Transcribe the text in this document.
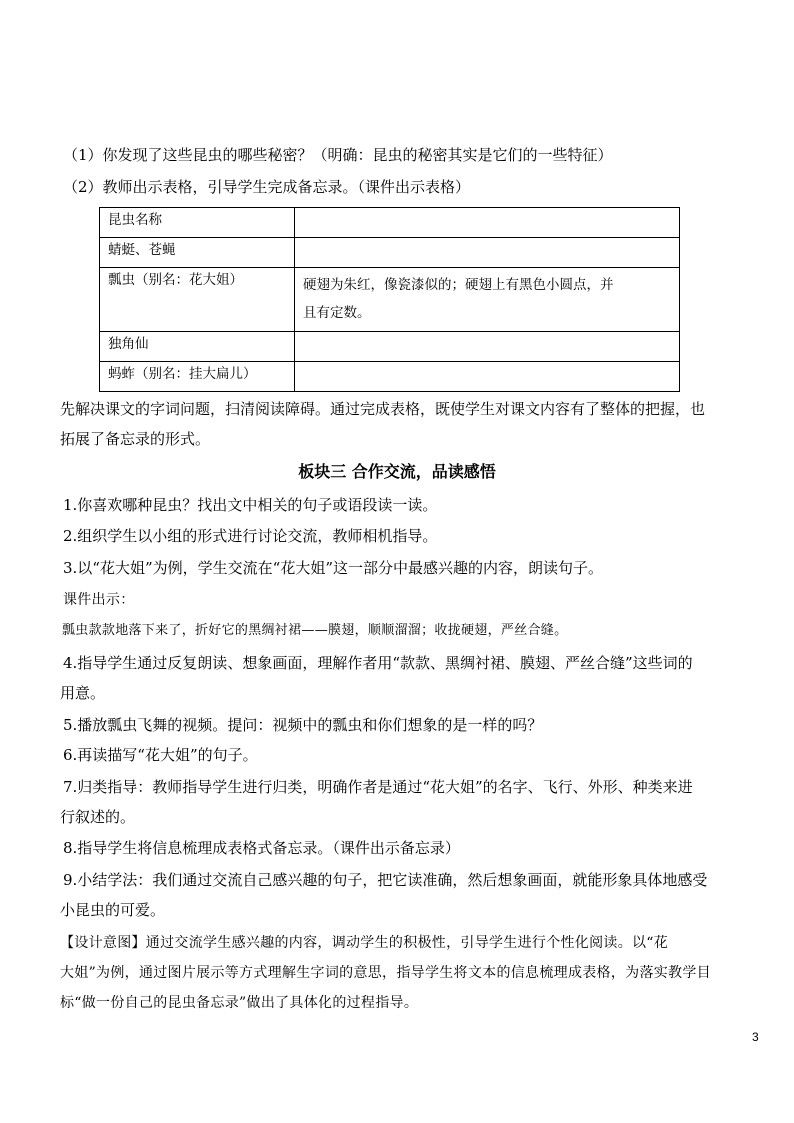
（1）你发现了这些昆虫的哪些秘密？（明确：昆虫的秘密其实是它们的一些特征）
（2）教师出示表格，引导学生完成备忘录。（课件出示表格）
昆虫名称	
蜻蜓、苍蝇	
瓢虫（别名：花大姐）	硬翅为朱红，像瓷漆似的；硬翅上有黑色小圆点，并
且有定数。

独角仙	
蚂蚱（别名：挂大扁儿）	
先解决课文的字词问题，扫清阅读障碍。通过完成表格，既使学生对课文内容有了整体的把握，也
拓展了备忘录的形式。
板块三 合作交流，品读感悟
1.你喜欢哪种昆虫？找出文中相关的句子或语段读一读。
2.组织学生以小组的形式进行讨论交流，教师相机指导。
3.以“花大姐”为例，学生交流在“花大姐”这一部分中最感兴趣的内容，朗读句子。
课件出示：
瓢虫款款地落下来了，折好它的黑绸衬裙——膜翅，顺顺溜溜；收拢硬翅，严丝合缝。
4.指导学生通过反复朗读、想象画面，理解作者用“款款、黑绸衬裙、膜翅、严丝合缝”这些词的
用意。
5.播放瓢虫飞舞的视频。提问：视频中的瓢虫和你们想象的是一样的吗？
6.再读描写“花大姐”的句子。
7.归类指导：教师指导学生进行归类，明确作者是通过“花大姐”的名字、飞行、外形、种类来进
行叙述的。
8.指导学生将信息梳理成表格式备忘录。（课件出示备忘录）
9.小结学法：我们通过交流自己感兴趣的句子，把它读准确，然后想象画面，就能形象具体地感受
小昆虫的可爱。
【设计意图】通过交流学生感兴趣的内容，调动学生的积极性，引导学生进行个性化阅读。以“花
大姐”为例，通过图片展示等方式理解生字词的意思，指导学生将文本的信息梳理成表格，为落实教学目
标“做一份自己的昆虫备忘录”做出了具体化的过程指导。
3
